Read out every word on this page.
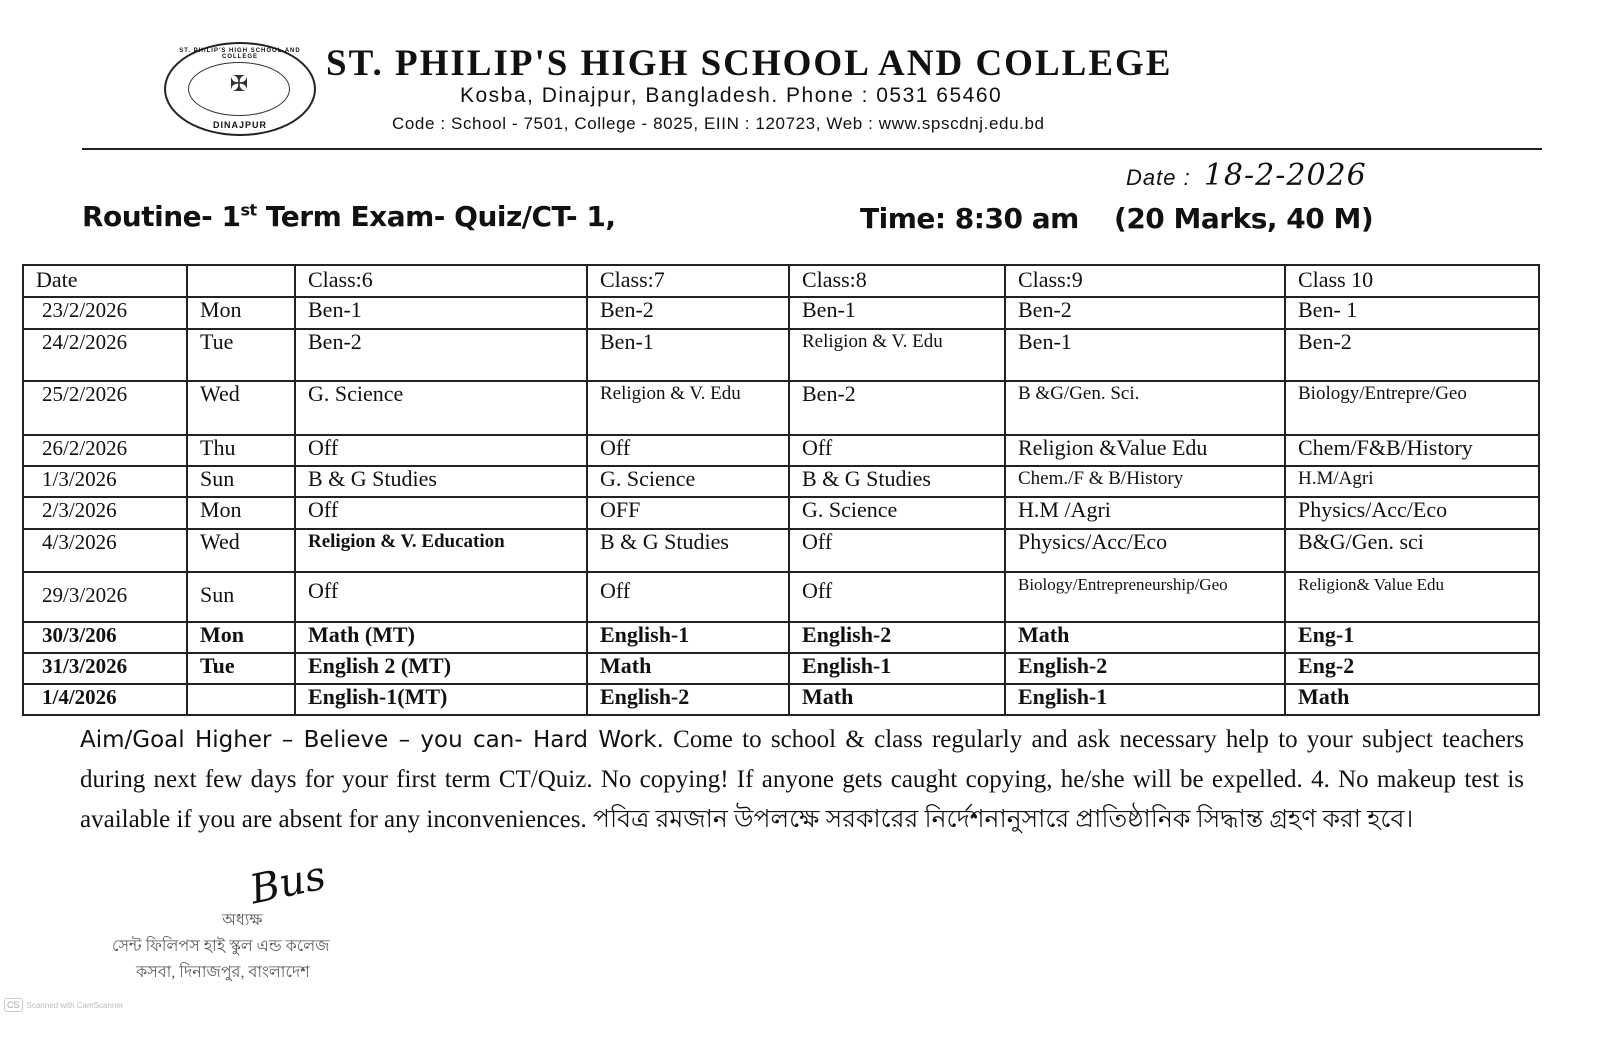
ST. PHILIP'S HIGH SCHOOL AND COLLEGE
✠
DINAJPUR
ST. PHILIP'S HIGH SCHOOL AND COLLEGE
Kosba, Dinajpur, Bangladesh. Phone : 0531 65460
Code : School - 7501, College - 8025, EIIN : 120723, Web : www.spscdnj.edu.bd
Date : 18-2-2026
Routine- 1st Term Exam- Quiz/CT- 1,	Time: 8:30 am (20 Marks, 40 M)
Date		Class:6	Class:7	Class:8	Class:9	Class 10
23/2/2026	Mon	Ben-1	Ben-2	Ben-1	Ben-2	Ben- 1
24/2/2026	Tue	Ben-2	Ben-1	Religion & V. Edu	Ben-1	Ben-2
25/2/2026	Wed	G. Science	Religion & V. Edu	Ben-2	B &G/Gen. Sci.	Biology/Entrepre/Geo
26/2/2026	Thu	Off	Off	Off	Religion &Value Edu	Chem/F&B/History
1/3/2026	Sun	B & G Studies	G. Science	B & G Studies	Chem./F & B/History	H.M/Agri
2/3/2026	Mon	Off	OFF	G. Science	H.M /Agri	Physics/Acc/Eco
4/3/2026	Wed	Religion & V. Education	B & G Studies	Off	Physics/Acc/Eco	B&G/Gen. sci
29/3/2026	Sun	Off	Off	Off	Biology/Entrepreneurship/Geo	Religion& Value Edu
30/3/206	Mon	Math (MT)	English-1	English-2	Math	Eng-1
31/3/2026	Tue	English 2 (MT)	Math	English-1	English-2	Eng-2
1/4/2026		English-1(MT)	English-2	Math	English-1	Math
Aim/Goal Higher – Believe – you can- Hard Work. Come to school & class regularly and ask necessary help to your subject teachers during next few days for your first term CT/Quiz. No copying! If anyone gets caught copying, he/she will be expelled. 4. No makeup test is available if you are absent for any inconveniences. পবিত্র রমজান উপলক্ষে সরকারের নির্দেশনানুসারে প্রাতিষ্ঠানিক সিদ্ধান্ত গ্রহণ করা হবে।
Bus
অধ্যক্ষ
সেন্ট ফিলিপস হাই স্কুল এন্ড কলেজ
কসবা, দিনাজপুর, বাংলাদেশ
CS Scanned with CamScanner
